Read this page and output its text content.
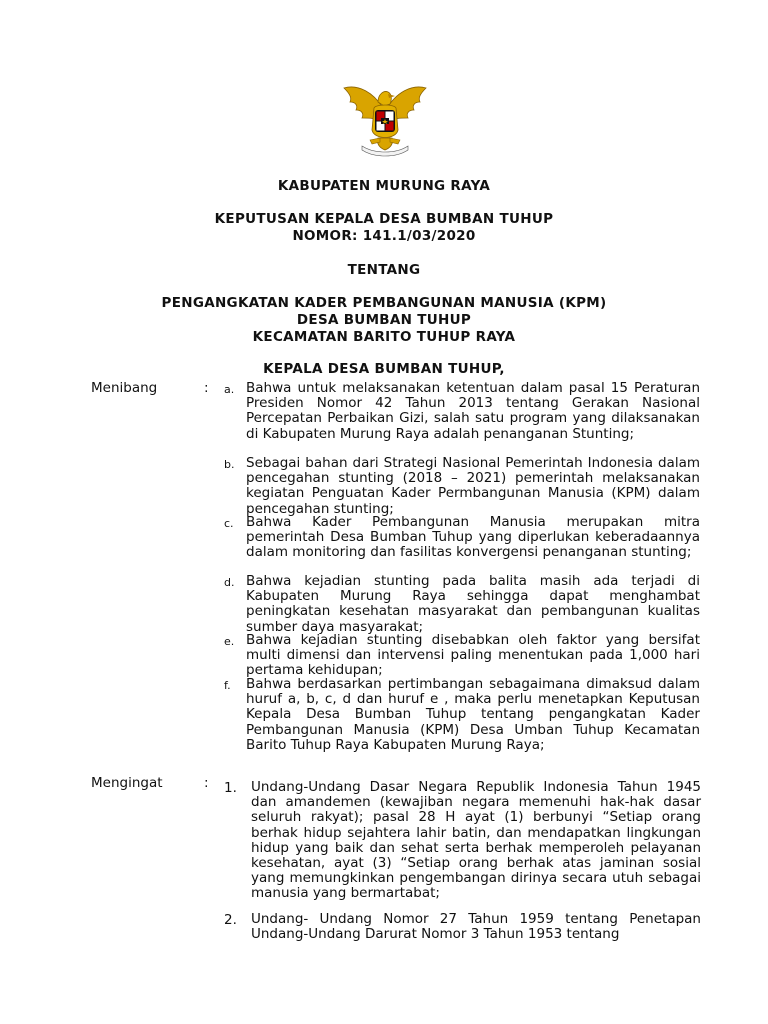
KABUPATEN MURUNG RAYA
KEPUTUSAN KEPALA DESA BUMBAN TUHUP
NOMOR: 141.1/03/2020
TENTANG
PENGANGKATAN KADER PEMBANGUNAN MANUSIA (KPM)
DESA BUMBAN TUHUP
KECAMATAN BARITO TUHUP RAYA
KEPALA DESA BUMBAN TUHUP,
Menibang	: a. Bahwa untuk melaksanakan ketentuan dalam pasal 15 Peraturan Presiden Nomor 42 Tahun 2013 tentang Gerakan Nasional Percepatan Perbaikan Gizi, salah satu program yang dilaksanakan di Kabupaten Murung Raya adalah penanganan Stunting;
b. Sebagai bahan dari Strategi Nasional Pemerintah Indonesia dalam pencegahan stunting (2018 – 2021) pemerintah melaksanakan kegiatan Penguatan Kader Permbangunan Manusia (KPM) dalam pencegahan stunting;
c. Bahwa Kader Pembangunan Manusia merupakan mitra pemerintah Desa Bumban Tuhup yang diperlukan keberadaannya dalam monitoring dan fasilitas konvergensi penanganan stunting;
d. Bahwa kejadian stunting pada balita masih ada terjadi di Kabupaten Murung Raya sehingga dapat menghambat peningkatan kesehatan masyarakat dan pembangunan kualitas sumber daya masyarakat;
e. Bahwa kejadian stunting disebabkan oleh faktor yang bersifat multi dimensi dan intervensi paling menentukan pada 1,000 hari pertama kehidupan;
f. Bahwa berdasarkan pertimbangan sebagaimana dimaksud dalam huruf a, b, c, d dan huruf e , maka perlu menetapkan Keputusan Kepala Desa Bumban Tuhup tentang pengangkatan Kader Pembangunan Manusia (KPM) Desa Umban Tuhup Kecamatan Barito Tuhup Raya Kabupaten Murung Raya;
Mengingat	: 1. Undang-Undang Dasar Negara Republik Indonesia Tahun 1945 dan amandemen (kewajiban negara memenuhi hak-hak dasar seluruh rakyat); pasal 28 H ayat (1) berbunyi “Setiap orang berhak hidup sejahtera lahir batin, dan mendapatkan lingkungan hidup yang baik dan sehat serta berhak memperoleh pelayanan kesehatan, ayat (3) “Setiap orang berhak atas jaminan sosial yang memungkinkan pengembangan dirinya secara utuh sebagai manusia yang bermartabat;
2. Undang- Undang Nomor 27 Tahun 1959 tentang Penetapan Undang-Undang Darurat Nomor 3 Tahun 1953 tentang
